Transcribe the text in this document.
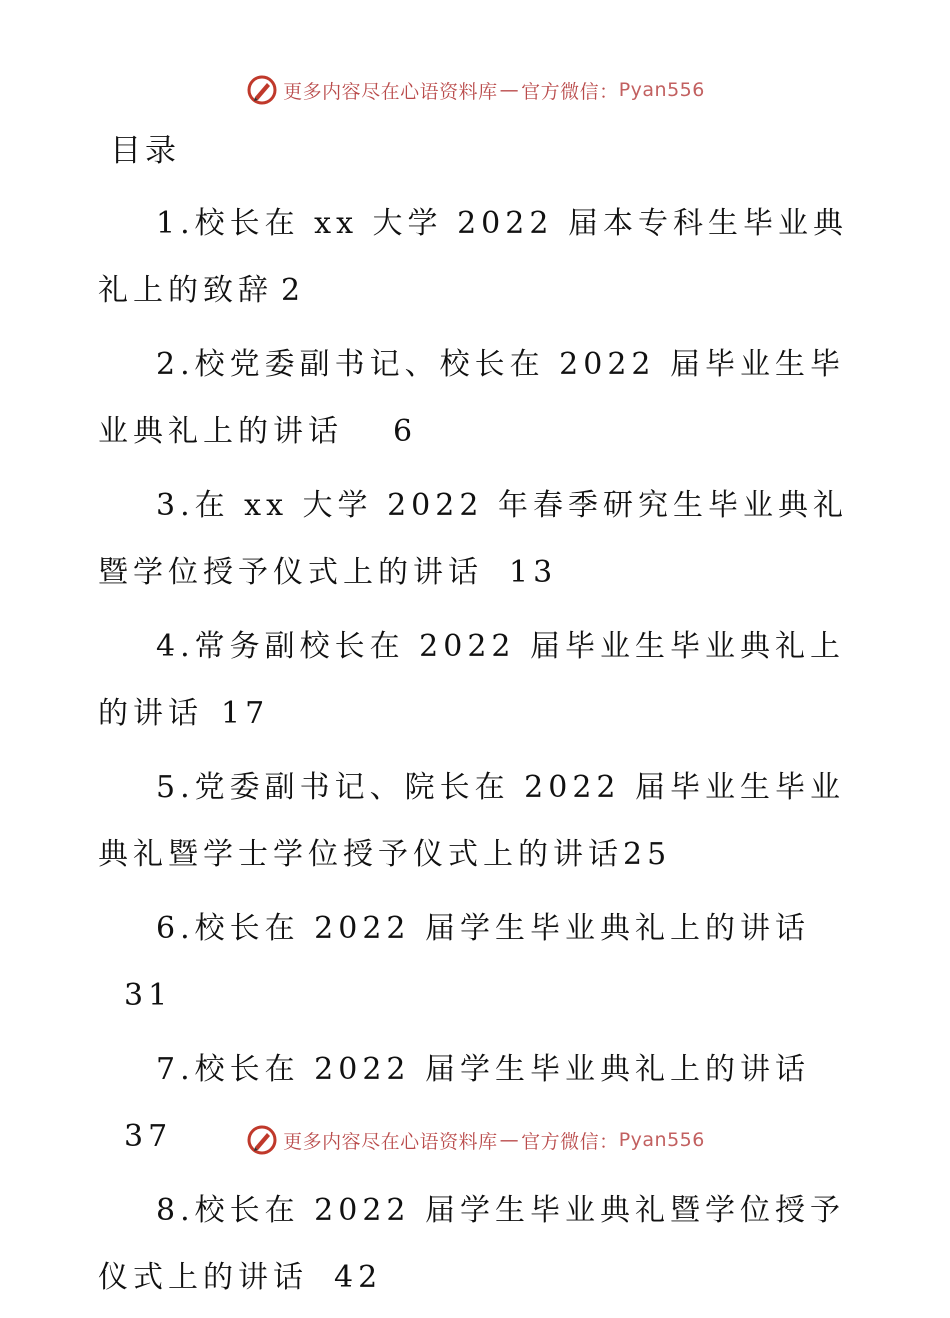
更多内容尽在心语资料库 — 官方微信： Pyan556
目录

1.校长在 xx 大学 2022 届本专科生毕业典礼上的致辞 2

2.校党委副书记、校长在 2022 届毕业生毕业典礼上的讲话 6

3.在 xx 大学 2022 年春季研究生毕业典礼暨学位授予仪式上的讲话 13

4.常务副校长在 2022 届毕业生毕业典礼上的讲话 17

5.党委副书记、院长在 2022 届毕业生毕业典礼暨学士学位授予仪式上的讲话25

6.校长在 2022 届学生毕业典礼上的讲话31

7.校长在 2022 届学生毕业典礼上的讲话37

8.校长在 2022 届学生毕业典礼暨学位授予仪式上的讲话 42

更多内容尽在心语资料库 — 官方微信： Pyan556
